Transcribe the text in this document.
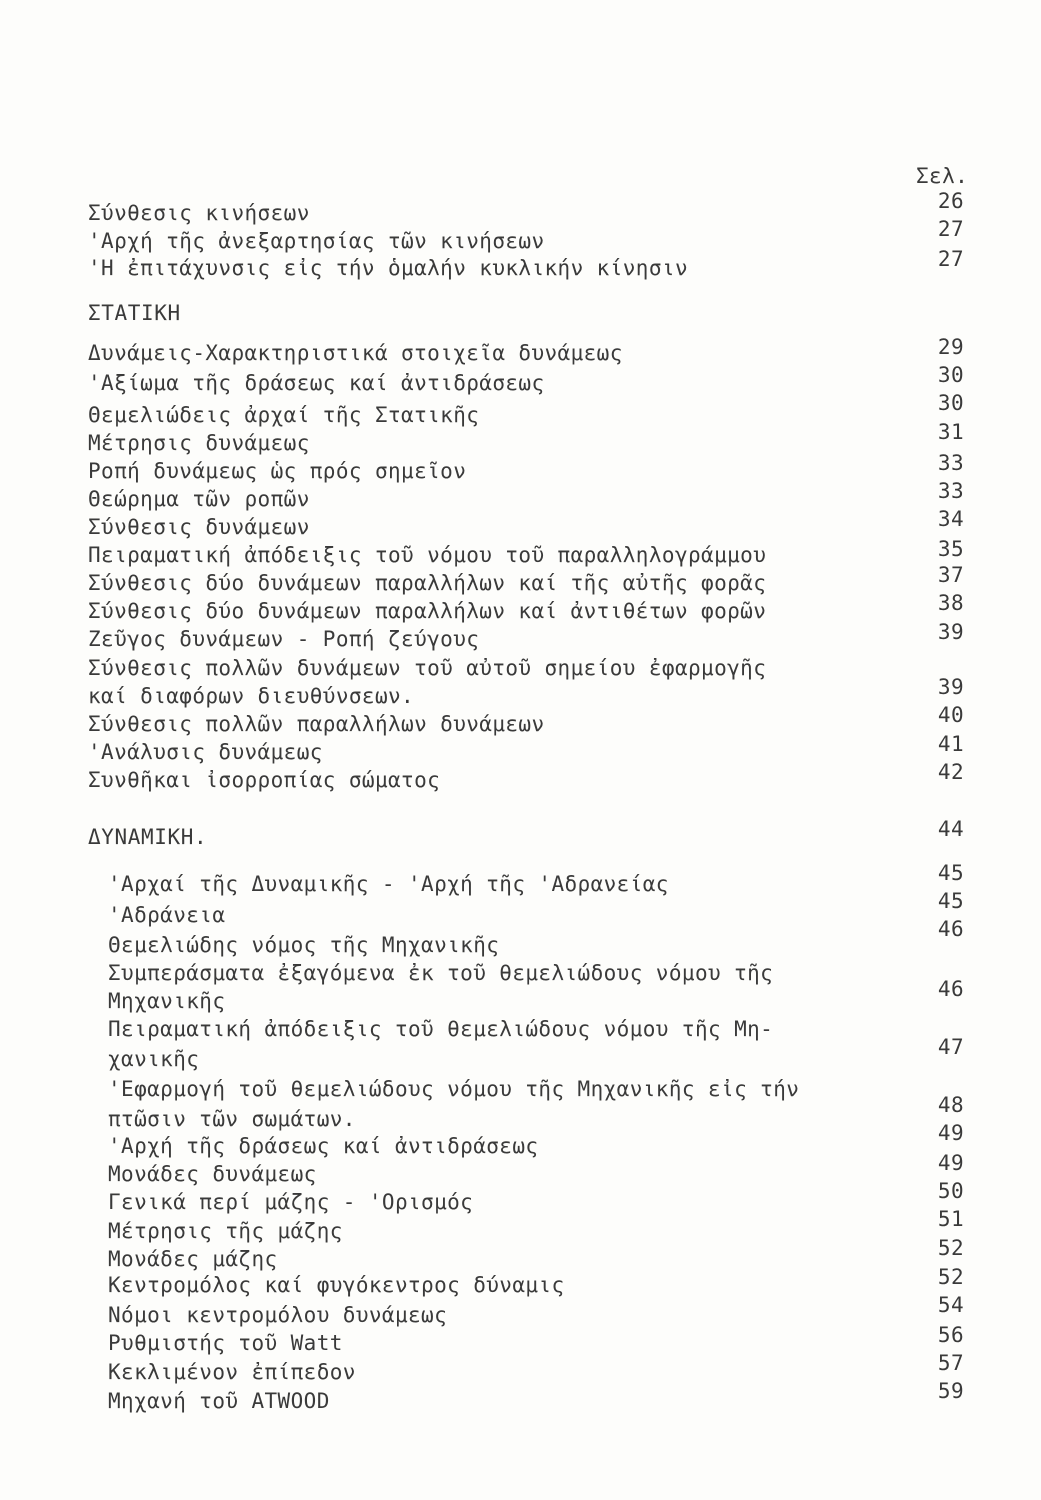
Σελ.
Σύνθεσις κινήσεων
'Αρχή τῆς ἀνεξαρτησίας τῶν κινήσεων
'Η ἐπιτάχυνσις εἰς τήν ὁμαλήν κυκλικήν κίνησιν
ΣΤΑΤΙΚΗ
Δυνάμεις-Χαρακτηριστικά στοιχεῖα δυνάμεως
'Αξίωμα τῆς δράσεως καί ἀντιδράσεως
Θεμελιώδεις ἀρχαί τῆς Στατικῆς
Μέτρησις δυνάμεως
Ροπή δυνάμεως ὡς πρός σημεῖον
Θεώρημα τῶν ροπῶν
Σύνθεσις δυνάμεων
Πειραματική ἀπόδειξις τοῦ νόμου τοῦ παραλληλογράμμου
Σύνθεσις δύο δυνάμεων παραλλήλων καί τῆς αὐτῆς φορᾶς
Σύνθεσις δύο δυνάμεων παραλλήλων καί ἀντιθέτων φορῶν
Ζεῦγος δυνάμεων - Ροπή ζεύγους
Σύνθεσις πολλῶν δυνάμεων τοῦ αὐτοῦ σημείου ἐφαρμογῆς
καί διαφόρων διευθύνσεων.
Σύνθεσις πολλῶν παραλλήλων δυνάμεων
'Ανάλυσις δυνάμεως
Συνθῆκαι ἰσορροπίας σώματος
ΔΥΝΑΜΙΚΗ.
'Αρχαί τῆς Δυναμικῆς - 'Αρχή τῆς 'Αδρανείας
'Αδράνεια
Θεμελιώδης νόμος τῆς Μηχανικῆς
Συμπεράσματα ἐξαγόμενα ἐκ τοῦ θεμελιώδους νόμου τῆς
Μηχανικῆς
Πειραματική ἀπόδειξις τοῦ θεμελιώδους νόμου τῆς Μη-
χανικῆς
'Εφαρμογή τοῦ θεμελιώδους νόμου τῆς Μηχανικῆς εἰς τήν
πτῶσιν τῶν σωμάτων.
'Αρχή τῆς δράσεως καί ἀντιδράσεως
Μονάδες δυνάμεως
Γενικά περί μάζης - 'Ορισμός
Μέτρησις τῆς μάζης
Μονάδες μάζης
Κεντρομόλος καί φυγόκεντρος δύναμις
Νόμοι κεντρομόλου δυνάμεως
Ρυθμιστής τοῦ Watt
Κεκλιμένον ἐπίπεδον
Μηχανή τοῦ ATWOOD
26
27
27
29
30
30
31
33
33
34
35
37
38
39
39
40
41
42
44
45
45
46
46
47
48
49
49
50
51
52
52
54
56
57
59
